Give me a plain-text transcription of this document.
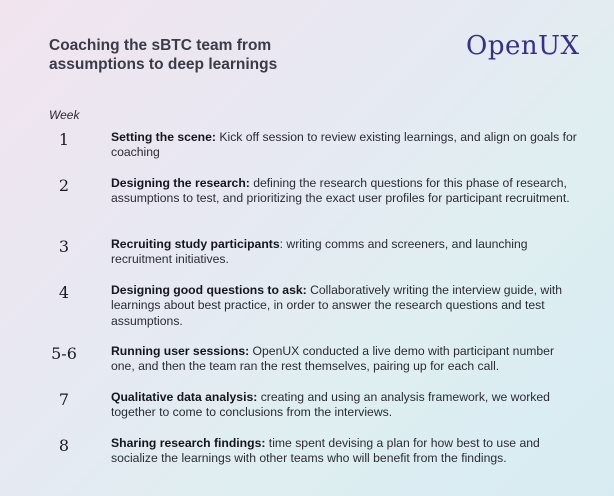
Coaching the sBTC team from
assumptions to deep learnings
OpenUX
Week
1	Setting the scene: Kick off session to review existing learnings, and align on goals for coaching
2	Designing the research: defining the research questions for this phase of research, assumptions to test, and prioritizing the exact user profiles for participant recruitment.
3	Recruiting study participants: writing comms and screeners, and launching recruitment initiatives.
4	Designing good questions to ask: Collaboratively writing the interview guide, with learnings about best practice, in order to answer the research questions and test assumptions.
5-6	Running user sessions: OpenUX conducted a live demo with participant number one, and then the team ran the rest themselves, pairing up for each call.
7	Qualitative data analysis: creating and using an analysis framework, we worked together to come to conclusions from the interviews.
8	Sharing research findings: time spent devising a plan for how best to use and socialize the learnings with other teams who will benefit from the findings.
